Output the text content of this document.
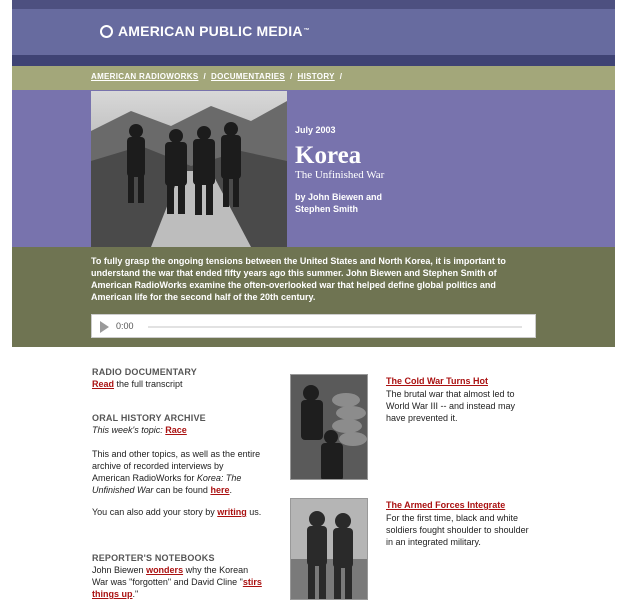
AMERICAN PUBLIC MEDIA ™
AMERICAN RADIOWORKS / DOCUMENTARIES / HISTORY /
July 2003
Korea
The Unfinished War
by John Biewen and
Stephen Smith
To fully grasp the ongoing tensions between the United States and North Korea, it is important to understand the war that ended fifty years ago this summer. John Biewen and Stephen Smith of American RadioWorks examine the often-overlooked war that helped define global politics and American life for the second half of the 20th century.
0:00
RADIO DOCUMENTARY

Read the full transcript

ORAL HISTORY ARCHIVE

This week's topic: Race

This and other topics, as well as the entire archive of recorded interviews by American RadioWorks for Korea: The Unfinished War can be found here.

You can also add your story by writing us.

REPORTER'S NOTEBOOKS

John Biewen wonders why the Korean War was "forgotten" and David Cline "stirs things up."

The Cold War Turns Hot
The brutal war that almost led to World War III -- and instead may have prevented it.
The Armed Forces Integrate
For the first time, black and white soldiers fought shoulder to shoulder in an integrated military.
